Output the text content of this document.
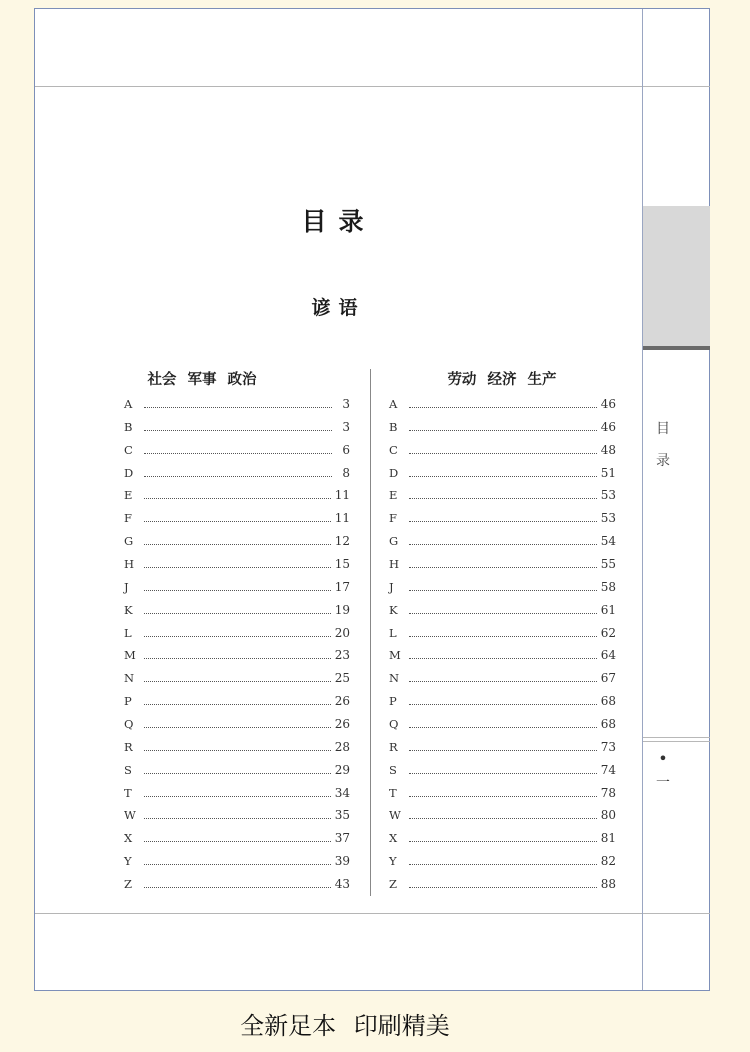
目
录
•
一
目录
谚语
社会 军事 政治	劳动 经济 生产
A	3
B	3
C	6
D	8
E	11
F	11
G	12
H	15
J	17
K	19
L	20
M	23
N	25
P	26
Q	26
R	28
S	29
T	34
W	35
X	37
Y	39
Z	43
A	46
B	46
C	48
D	51
E	53
F	53
G	54
H	55
J	58
K	61
L	62
M	64
N	67
P	68
Q	68
R	73
S	74
T	78
W	80
X	81
Y	82
Z	88
全新足本 印刷精美
